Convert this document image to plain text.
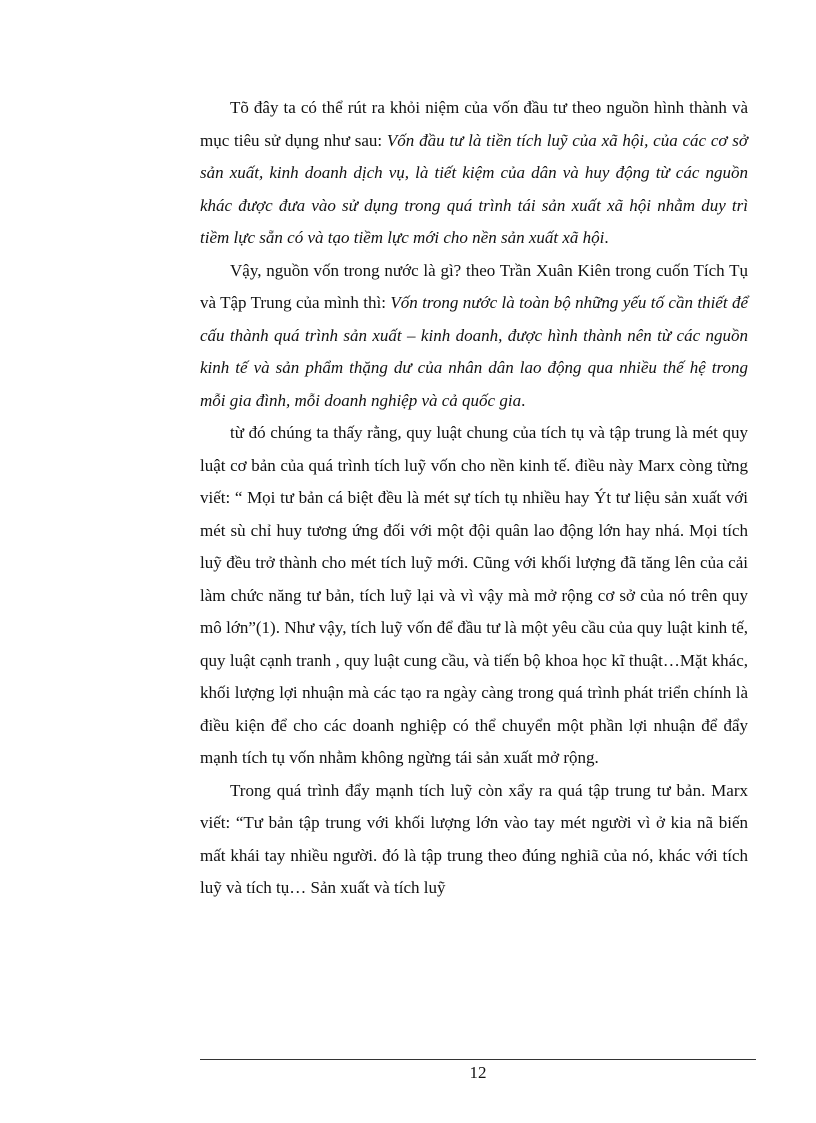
Tõ đây ta có thể rút ra khỏi niệm của vốn đầu tư theo nguồn hình thành và mục tiêu sử dụng như sau: Vốn đầu tư là tiền tích luỹ của xã hội, của các cơ sở sản xuất, kinh doanh dịch vụ, là tiết kiệm của dân và huy động từ các nguồn khác được đưa vào sử dụng trong quá trình tái sản xuất xã hội nhằm duy trì tiềm lực sẵn có và tạo tiềm lực mới cho nền sản xuất xã hội.

Vậy, nguồn vốn trong nước là gì? theo Trần Xuân Kiên trong cuốn Tích Tụ và Tập Trung của mình thì: Vốn trong nước là toàn bộ những yếu tố cần thiết để cấu thành quá trình sản xuất – kinh doanh, được hình thành nên từ các nguồn kinh tế và sản phẩm thặng dư của nhân dân lao động qua nhiều thế hệ trong mỗi gia đình, mỗi doanh nghiệp và cả quốc gia.

từ đó chúng ta thấy rằng, quy luật chung của tích tụ và tập trung là mét quy luật cơ bản của quá trình tích luỹ vốn cho nền kinh tế. điều này Marx còng từng viết: “ Mọi tư bản cá biệt đều là mét sự tích tụ nhiều hay Ýt tư liệu sản xuất với mét sù chỉ huy tương ứng đối với một đội quân lao động lớn hay nhá. Mọi tích luỹ đều trở thành cho mét tích luỹ mới. Cũng với khối lượng đã tăng lên của cải làm chức năng tư bản, tích luỹ lại và vì vậy mà mở rộng cơ sở của nó trên quy mô lớn”(1). Như vậy, tích luỹ vốn để đầu tư là một yêu cầu của quy luật kinh tế, quy luật cạnh tranh , quy luật cung cầu, và tiến bộ khoa học kĩ thuật…Mặt khác, khối lượng lợi nhuận mà các tạo ra ngày càng trong quá trình phát triển chính là điều kiện để cho các doanh nghiệp có thể chuyển một phần lợi nhuận để đẩy mạnh tích tụ vốn nhằm không ngừng tái sản xuất mở rộng.

Trong quá trình đẩy mạnh tích luỹ còn xẩy ra quá tập trung tư bản. Marx viết: “Tư bản tập trung với khối lượng lớn vào tay mét người vì ở kia nã biến mất khái tay nhiều người. đó là tập trung theo đúng nghiã của nó, khác với tích luỹ và tích tụ… Sản xuất và tích luỹ

12
